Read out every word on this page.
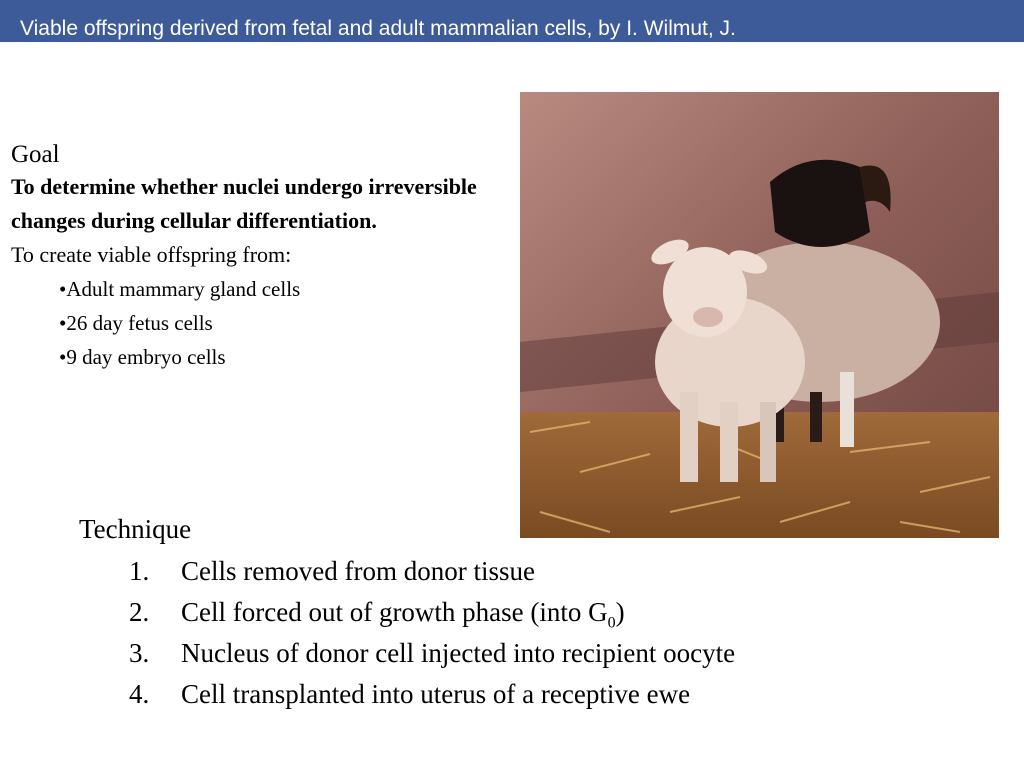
Viable offspring derived from fetal and adult mammalian cells, by I. Wilmut, J.

Goal

To determine whether nuclei undergo irreversible changes during cellular differentiation.

To create viable offspring from:

•Adult mammary gland cells
•26 day fetus cells
•9 day embryo cells

Technique

1. Cells removed from donor tissue
2. Cell forced out of growth phase (into $G_0$)
3. Nucleus of donor cell injected into recipient oocyte
4. Cell transplanted into uterus of a receptive ewe
